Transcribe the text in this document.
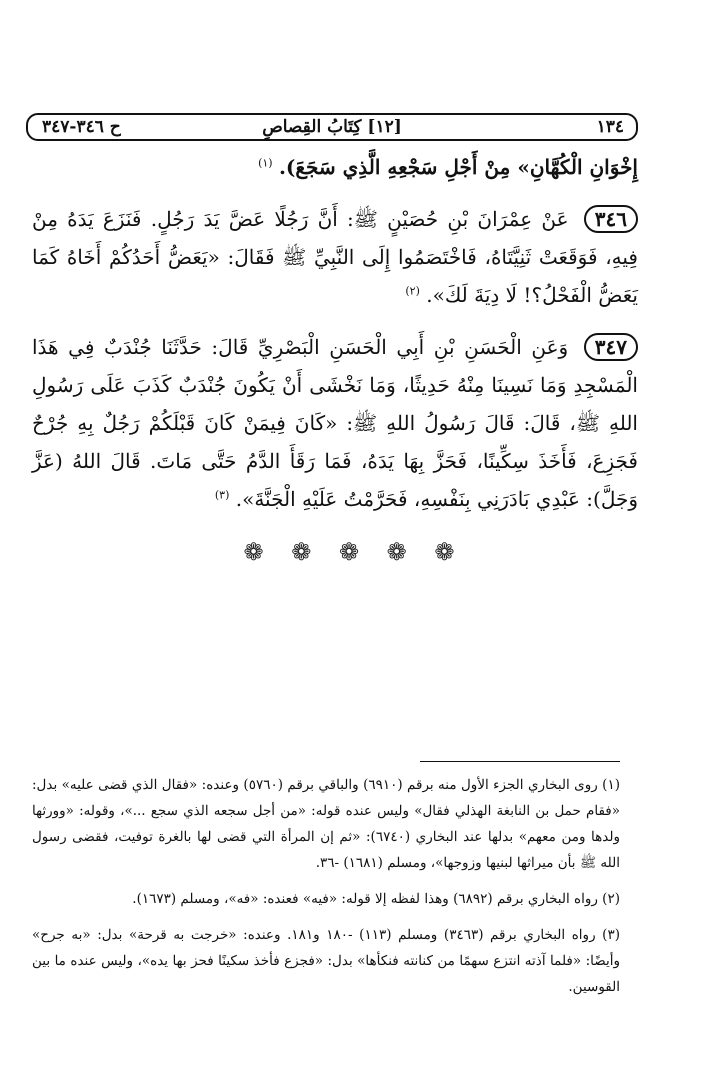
١٣٤
[١٢] كِتَابُ القِصاصِ
ح ٣٤٦-٣٤٧

إِخْوَانِ الْكُهَّانِ» مِنْ أَجْلِ سَجْعِهِ الَّذِي سَجَعَ). $^{(١)}$

٣٤٦ عَنْ عِمْرَانَ بْنِ حُصَيْنٍ ﷺ: أَنَّ رَجُلًا عَضَّ يَدَ رَجُلٍ. فَنَزَعَ يَدَهُ مِنْ فِيهِ، فَوَقَعَتْ ثَنِيَّتَاهُ، فَاخْتَصَمُوا إِلَى النَّبِيِّ ﷺ فَقَالَ: «يَعَضُّ أَحَدُكُمْ أَخَاهُ كَمَا يَعَضُّ الْفَحْلُ؟! لَا دِيَةَ لَكَ». $^{(٢)}$

٣٤٧ وَعَنِ الْحَسَنِ بْنِ أَبِي الْحَسَنِ الْبَصْرِيِّ قَالَ: حَدَّثَنَا جُنْدَبٌ فِي هَذَا الْمَسْجِدِ وَمَا نَسِينَا مِنْهُ حَدِيثًا، وَمَا نَخْشَى أَنْ يَكُونَ جُنْدَبٌ كَذَبَ عَلَى رَسُولِ اللهِ ﷺ، قَالَ: قَالَ رَسُولُ اللهِ ﷺ: «كَانَ فِيمَنْ كَانَ قَبْلَكُمْ رَجُلٌ بِهِ جُرْحٌ فَجَزِعَ، فَأَخَذَ سِكِّينًا، فَحَزَّ بِهَا يَدَهُ، فَمَا رَقَأَ الدَّمُ حَتَّى مَاتَ. قَالَ اللهُ (عَزَّ وَجَلَّ): عَبْدِي بَادَرَنِي بِنَفْسِهِ، فَحَرَّمْتُ عَلَيْهِ الْجَنَّةَ». $^{(٣)}$

❁ ❁ ❁ ❁ ❁

(١) روى البخاري الجزء الأول منه برقم (٦٩١٠) والباقي برقم (٥٧٦٠) وعنده: «فقال الذي قضى عليه» بدل: «فقام حمل بن النابغة الهذلي فقال» وليس عنده قوله: «من أجل سجعه الذي سجع ...»، وقوله: «وورثها ولدها ومن معهم» بدلها عند البخاري (٦٧٤٠): «ثم إن المرأة التي قضى لها بالغرة توفيت، فقضى رسول الله ﷺ بأن ميراثها لبنيها وزوجها»، ومسلم (١٦٨١) -٣٦.

(٢) رواه البخاري برقم (٦٨٩٢) وهذا لفظه إلا قوله: «فيه» فعنده: «فه»، ومسلم (١٦٧٣).

(٣) رواه البخاري برقم (٣٤٦٣) ومسلم (١١٣) -١٨٠ و١٨١. وعنده: «خرجت به قرحة» بدل: «به جرح» وأيضًا: «فلما آذته انتزع سهمًا من كنانته فنكأها» بدل: «فجزع فأخذ سكينًا فحز بها يده»، وليس عنده ما بين القوسين.
